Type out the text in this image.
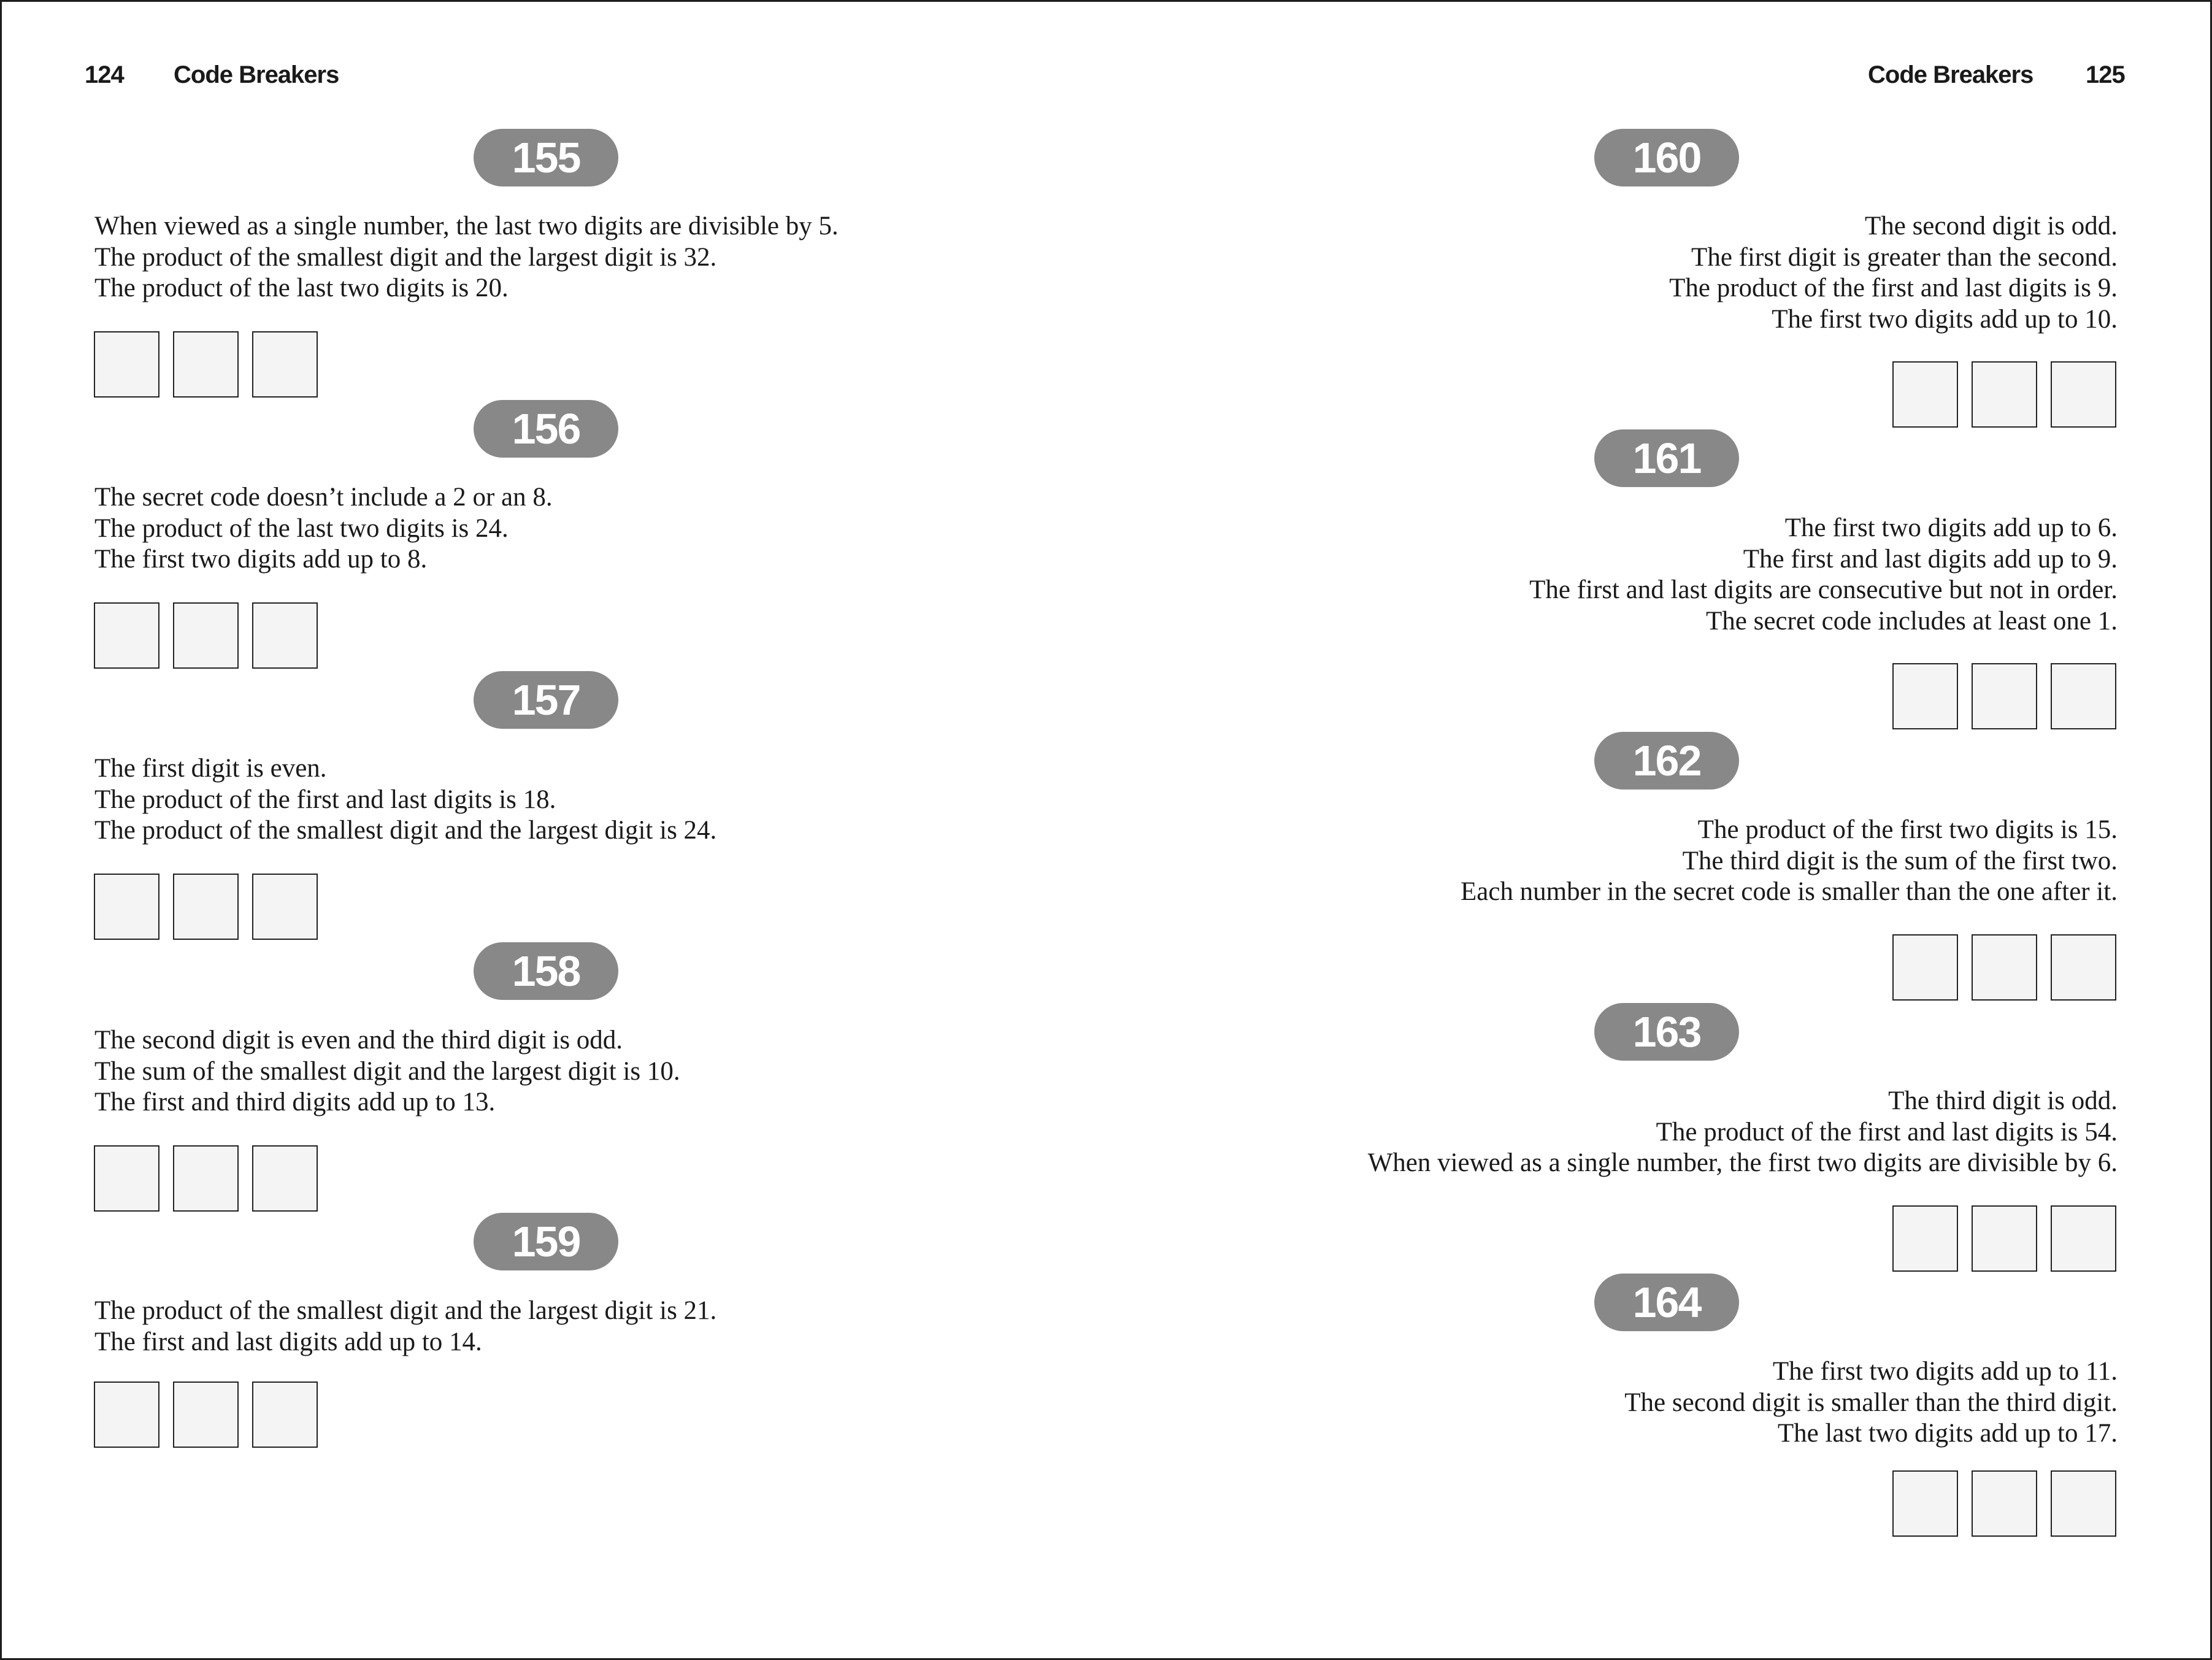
124 Code Breakers	Code Breakers 125
155
When viewed as a single number, the last two digits are divisible by 5.
The product of the smallest digit and the largest digit is 32.
The product of the last two digits is 20.
156
The secret code doesn’t include a 2 or an 8.
The product of the last two digits is 24.
The first two digits add up to 8.
157
The first digit is even.
The product of the first and last digits is 18.
The product of the smallest digit and the largest digit is 24.
158
The second digit is even and the third digit is odd.
The sum of the smallest digit and the largest digit is 10.
The first and third digits add up to 13.
159
The product of the smallest digit and the largest digit is 21.
The first and last digits add up to 14.
160
The second digit is odd.
The first digit is greater than the second.
The product of the first and last digits is 9.
The first two digits add up to 10.
161
The first two digits add up to 6.
The first and last digits add up to 9.
The first and last digits are consecutive but not in order.
The secret code includes at least one 1.
162
The product of the first two digits is 15.
The third digit is the sum of the first two.
Each number in the secret code is smaller than the one after it.
163
The third digit is odd.
The product of the first and last digits is 54.
When viewed as a single number, the first two digits are divisible by 6.
164
The first two digits add up to 11.
The second digit is smaller than the third digit.
The last two digits add up to 17.
